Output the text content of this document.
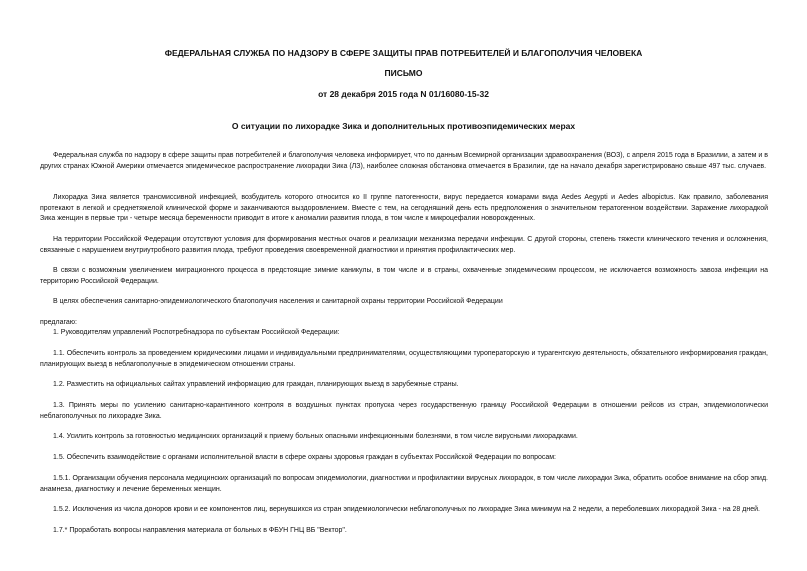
ФЕДЕРАЛЬНАЯ СЛУЖБА ПО НАДЗОРУ В СФЕРЕ ЗАЩИТЫ ПРАВ ПОТРЕБИТЕЛЕЙ И БЛАГОПОЛУЧИЯ ЧЕЛОВЕКА
ПИСЬМО
от 28 декабря 2015 года N 01/16080-15-32
О ситуации по лихорадке Зика и дополнительных противоэпидемических мерах
Федеральная служба по надзору в сфере защиты прав потребителей и благополучия человека информирует, что по данным Всемирной организации здравоохранения (ВОЗ), с апреля 2015 года в Бразилии, а затем и в других странах Южной Америки отмечается эпидемическое распространение лихорадки Зика (ЛЗ), наиболее сложная обстановка отмечается в Бразилии, где на начало декабря зарегистрировано свыше 497 тыс. случаев.
Лихорадка Зика является трансмиссивной инфекцией, возбудитель которого относится ко II группе патогенности, вирус передается комарами вида Aedes Aegypti и Aedes albopictus. Как правило, заболевания протекают в легкой и среднетяжелой клинической форме и заканчиваются выздоровлением. Вместе с тем, на сегодняшний день есть предположения о значительном тератогенном воздействии. Заражение лихорадкой Зика женщин в первые три - четыре месяца беременности приводит в итоге к аномалии развития плода, в том числе к микроцефалии новорожденных.
На территории Российской Федерации отсутствуют условия для формирования местных очагов и реализации механизма передачи инфекции. С другой стороны, степень тяжести клинического течения и осложнения, связанные с нарушением внутриутробного развития плода, требуют проведения своевременной диагностики и принятия профилактических мер.
В связи с возможным увеличением миграционного процесса в предстоящие зимние каникулы, в том числе и в страны, охваченные эпидемическим процессом, не исключается возможность завоза инфекции на территорию Российской Федерации.
В целях обеспечения санитарно-эпидемиологического благополучия населения и санитарной охраны территории Российской Федерации
предлагаю:
1. Руководителям управлений Роспотребнадзора по субъектам Российской Федерации:
1.1. Обеспечить контроль за проведением юридическими лицами и индивидуальными предпринимателями, осуществляющими туроператорскую и турагентскую деятельность, обязательного информирования граждан, планирующих выезд в неблагополучные в эпидемическом отношении страны.
1.2. Разместить на официальных сайтах управлений информацию для граждан, планирующих выезд в зарубежные страны.
1.3. Принять меры по усилению санитарно-карантинного контроля в воздушных пунктах пропуска через государственную границу Российской Федерации в отношении рейсов из стран, эпидемиологически неблагополучных по лихорадке Зика.
1.4. Усилить контроль за готовностью медицинских организаций к приему больных опасными инфекционными болезнями, в том числе вирусными лихорадками.
1.5. Обеспечить взаимодействие с органами исполнительной власти в сфере охраны здоровья граждан в субъектах Российской Федерации по вопросам:
1.5.1. Организации обучения персонала медицинских организаций по вопросам эпидемиологии, диагностики и профилактики вирусных лихорадок, в том числе лихорадки Зика, обратить особое внимание на сбор эпид. анамнеза, диагностику и лечение беременных женщин.
1.5.2. Исключения из числа доноров крови и ее компонентов лиц, вернувшихся из стран эпидемиологически неблагополучных по лихорадке Зика минимум на 2 недели, а переболевших лихорадкой Зика - на 28 дней.
1.7.* Проработать вопросы направления материала от больных в ФБУН ГНЦ ВБ "Вектор".
